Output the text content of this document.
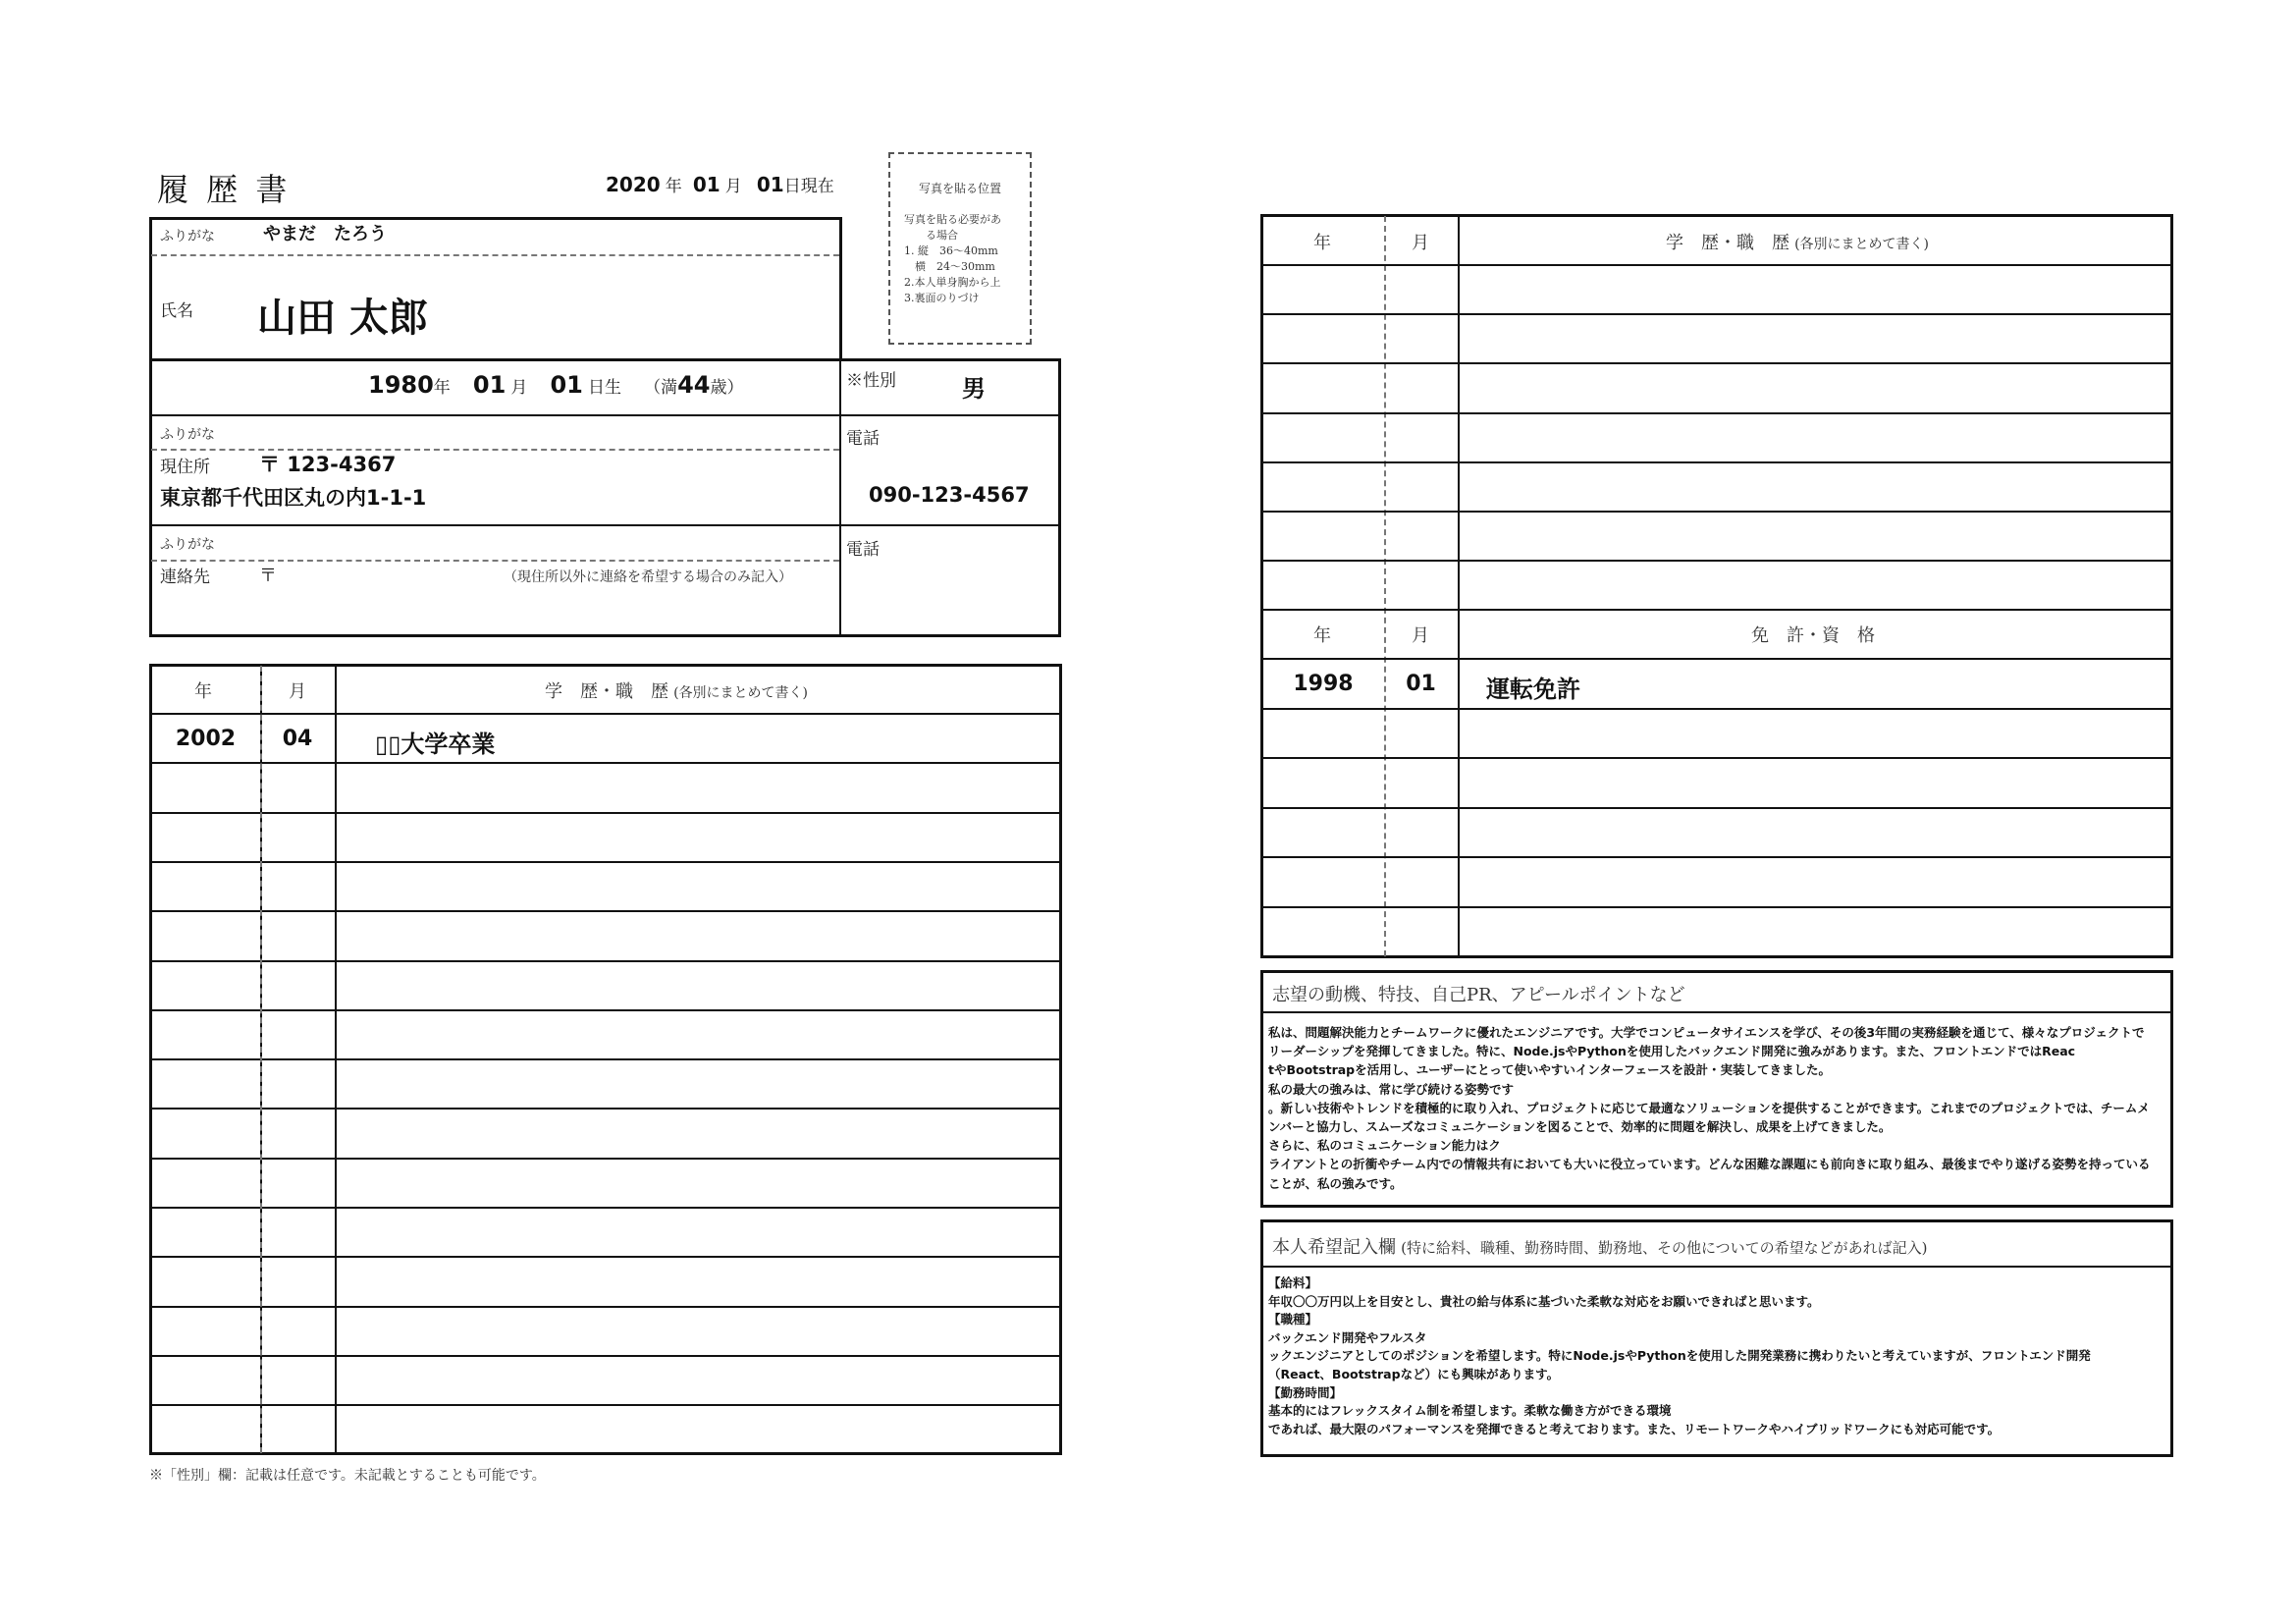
履 歴 書	2020 年 01 月 01日現在	写真を貼る位置
写真を貼る必要があ
る場合
1. 縦　36～40mm
　横　24～30mm
2.本人単身胸から上
3.裏面のりづけ
ふりがな	やまだ　たろう
氏名 山田 太郎
1980年 01 月 01 日生 （満44歳）	※性別	男
ふりがな
現住所 〒 123-4367
東京都千代田区丸の内1-1-1
電話
090-123-4567
ふりがな
連絡先	〒	（現住所以外に連絡を希望する場合のみ記入）
電話
年	月	学　歴・職　歴 (各別にまとめて書く)
2002	04	▯▯大学卒業
※「性別」欄：記載は任意です。未記載とすることも可能です。
年	月	学　歴・職　歴 (各別にまとめて書く)
年	月	免　許・資　格
1998	01	運転免許
志望の動機、特技、自己PR、アピールポイントなど
私は、問題解決能力とチームワークに優れたエンジニアです。大学でコンピュータサイエンスを学び、その後3年間の実務経験を通じて、様々なプロジェクトで
リーダーシップを発揮してきました。特に、Node.jsやPythonを使用したバックエンド開発に強みがあります。また、フロントエンドではReac
tやBootstrapを活用し、ユーザーにとって使いやすいインターフェースを設計・実装してきました。
私の最大の強みは、常に学び続ける姿勢です
。新しい技術やトレンドを積極的に取り入れ、プロジェクトに応じて最適なソリューションを提供することができます。これまでのプロジェクトでは、チームメ
ンバーと協力し、スムーズなコミュニケーションを図ることで、効率的に問題を解決し、成果を上げてきました。
さらに、私のコミュニケーション能力はク
ライアントとの折衝やチーム内での情報共有においても大いに役立っています。どんな困難な課題にも前向きに取り組み、最後までやり遂げる姿勢を持っている
ことが、私の強みです。
本人希望記入欄 (特に給料、職種、勤務時間、勤務地、その他についての希望などがあれば記入)
【給料】
年収〇〇万円以上を目安とし、貴社の給与体系に基づいた柔軟な対応をお願いできればと思います。
【職種】
バックエンド開発やフルスタ
ックエンジニアとしてのポジションを希望します。特にNode.jsやPythonを使用した開発業務に携わりたいと考えていますが、フロントエンド開発
（React、Bootstrapなど）にも興味があります。
【勤務時間】
基本的にはフレックスタイム制を希望します。柔軟な働き方ができる環境
であれば、最大限のパフォーマンスを発揮できると考えております。また、リモートワークやハイブリッドワークにも対応可能です。
